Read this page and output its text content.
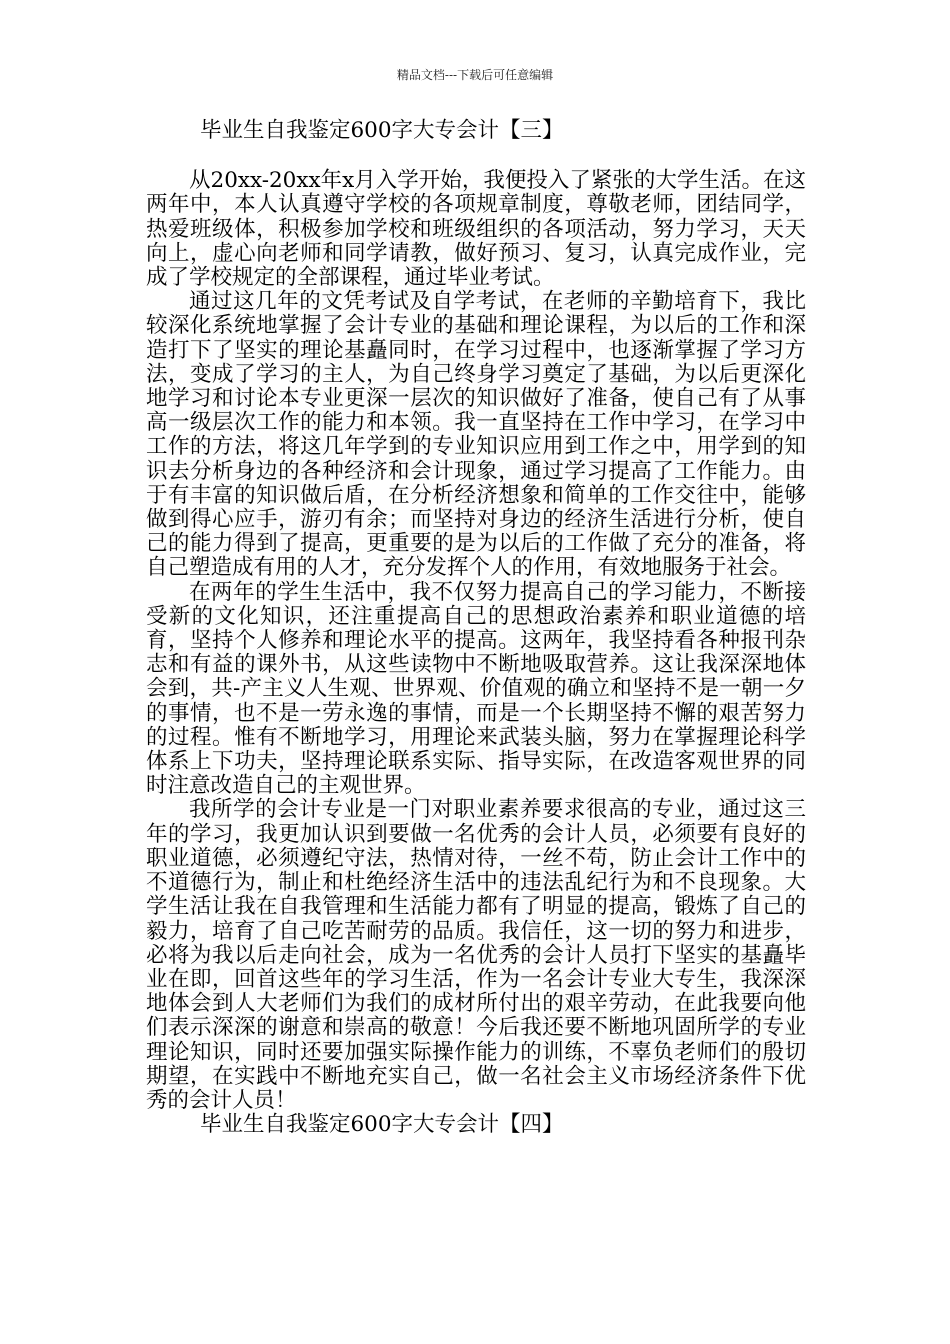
精品文档---下载后可任意编辑

毕业生自我鉴定600字大专会计【三】

从20xx-20xx年x月入学开始，我便投入了紧张的大学生活。在这两年中，本人认真遵守学校的各项规章制度，尊敬老师，团结同学，热爱班级体，积极参加学校和班级组织的各项活动，努力学习，天天向上，虚心向老师和同学请教，做好预习、复习，认真完成作业，完成了学校规定的全部课程，通过毕业考试。

通过这几年的文凭考试及自学考试，在老师的辛勤培育下，我比较深化系统地掌握了会计专业的基础和理论课程，为以后的工作和深造打下了坚实的理论基矗同时，在学习过程中，也逐渐掌握了学习方法，变成了学习的主人，为自己终身学习奠定了基础，为以后更深化地学习和讨论本专业更深一层次的知识做好了准备，使自己有了从事高一级层次工作的能力和本领。我一直坚持在工作中学习，在学习中工作的方法，将这几年学到的专业知识应用到工作之中，用学到的知识去分析身边的各种经济和会计现象，通过学习提高了工作能力。由于有丰富的知识做后盾，在分析经济想象和简单的工作交往中，能够做到得心应手，游刃有余；而坚持对身边的经济生活进行分析，使自己的能力得到了提高，更重要的是为以后的工作做了充分的准备，将自己塑造成有用的人才，充分发挥个人的作用，有效地服务于社会。

在两年的学生生活中，我不仅努力提高自己的学习能力，不断接受新的文化知识，还注重提高自己的思想政治素养和职业道德的培育，坚持个人修养和理论水平的提高。这两年，我坚持看各种报刊杂志和有益的课外书，从这些读物中不断地吸取营养。这让我深深地体会到，共-产主义人生观、世界观、价值观的确立和坚持不是一朝一夕的事情，也不是一劳永逸的事情，而是一个长期坚持不懈的艰苦努力的过程。惟有不断地学习，用理论来武装头脑，努力在掌握理论科学体系上下功夫，坚持理论联系实际、指导实际，在改造客观世界的同时注意改造自己的主观世界。

我所学的会计专业是一门对职业素养要求很高的专业，通过这三年的学习，我更加认识到要做一名优秀的会计人员，必须要有良好的职业道德，必须遵纪守法，热情对待，一丝不苟，防止会计工作中的不道德行为，制止和杜绝经济生活中的违法乱纪行为和不良现象。大学生活让我在自我管理和生活能力都有了明显的提高，锻炼了自己的毅力，培育了自己吃苦耐劳的品质。我信任，这一切的努力和进步，必将为我以后走向社会，成为一名优秀的会计人员打下坚实的基矗毕业在即，回首这些年的学习生活，作为一名会计专业大专生，我深深地体会到人大老师们为我们的成材所付出的艰辛劳动，在此我要向他们表示深深的谢意和崇高的敬意！今后我还要不断地巩固所学的专业理论知识，同时还要加强实际操作能力的训练，不辜负老师们的殷切期望，在实践中不断地充实自己，做一名社会主义市场经济条件下优秀的会计人员！

毕业生自我鉴定600字大专会计【四】
